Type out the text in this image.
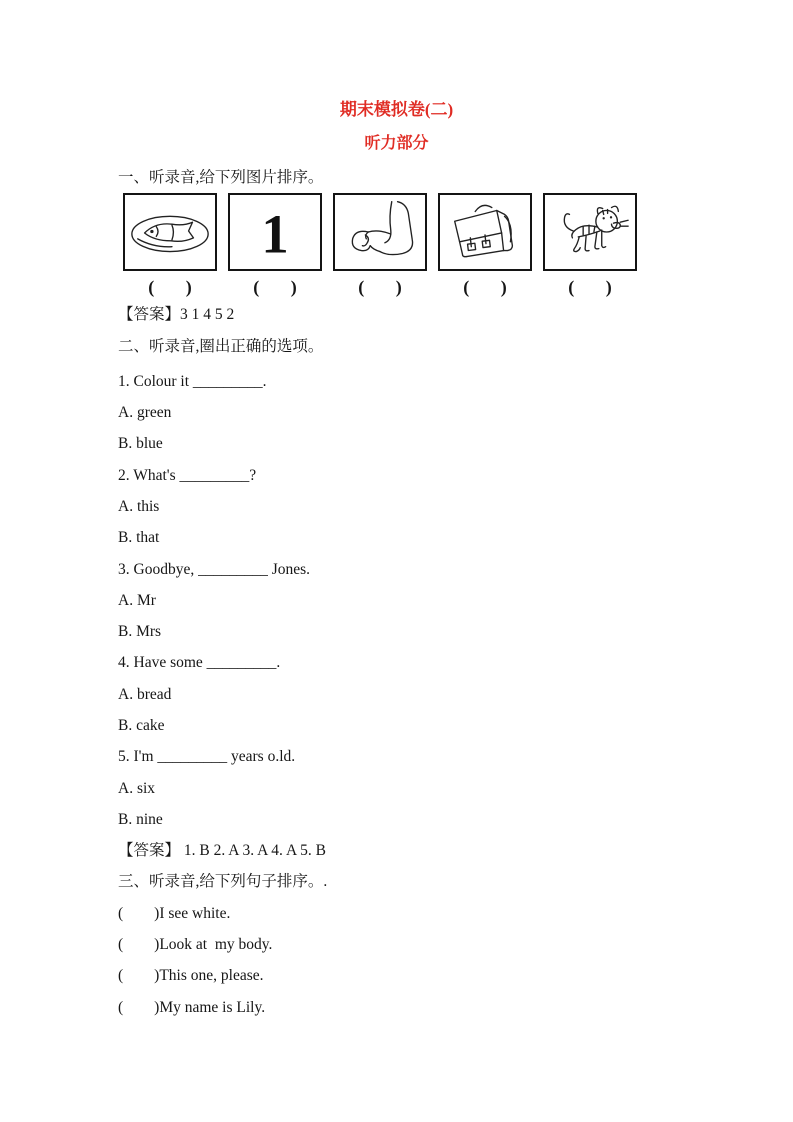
期末模拟卷(二)
听力部分
一、听录音,给下列图片排序。
(       )
1
(       )	(       )	(       )	(       )
【答案】3 1 4 5 2
二、听录音,圈出正确的选项。
1. Colour it _________.
A. green
B. blue
2. What's _________?
A. this
B. that
3. Goodbye, _________ Jones.
A. Mr
B. Mrs
4. Have some _________.
A. bread
B. cake
5. I'm _________ years o.ld.
A. six
B. nine
【答案】 1. B 2. A 3. A 4. A 5. B
三、听录音,给下列句子排序。.
(        )I see white.
(        )Look at  my body.
(        )This one, please.
(        )My name is Lily.
